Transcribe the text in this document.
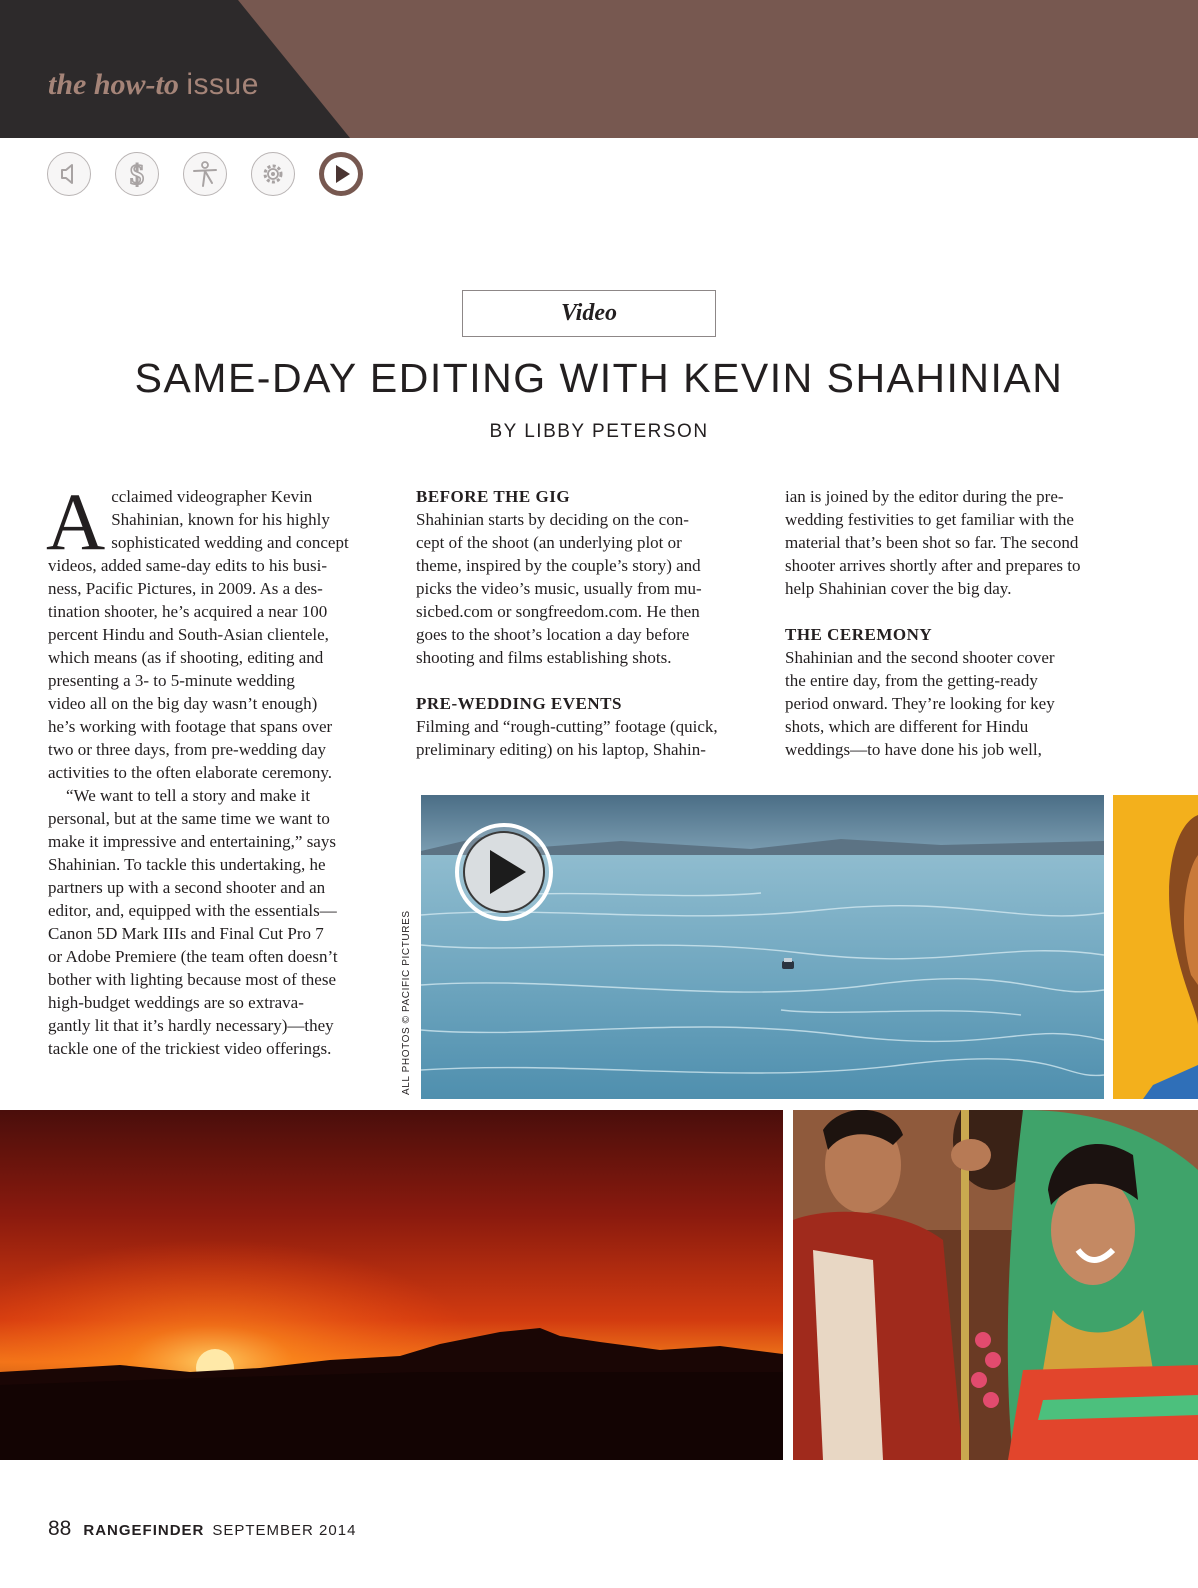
the how-to issue
$
Video
SAME-DAY EDITING WITH KEVIN SHAHINIAN
BY LIBBY PETERSON

A cclaimed videographer Kevin
Shahinian, known for his highly
sophisticated wedding and concept
videos, added same-day edits to his busi-
ness, Pacific Pictures, in 2009. As a des-
tination shooter, he’s acquired a near 100
percent Hindu and South-Asian clientele,
which means (as if shooting, editing and
presenting a 3- to 5-minute wedding
video all on the big day wasn’t enough)
he’s working with footage that spans over
two or three days, from pre-wedding day
activities to the often elaborate ceremony.

“We want to tell a story and make it
personal, but at the same time we want to
make it impressive and entertaining,” says
Shahinian. To tackle this undertaking, he
partners up with a second shooter and an
editor, and, equipped with the essentials—
Canon 5D Mark IIIs and Final Cut Pro 7
or Adobe Premiere (the team often doesn’t
bother with lighting because most of these
high-budget weddings are so extrava-
gantly lit that it’s hardly necessary)—they
tackle one of the trickiest video offerings.

BEFORE THE GIG

Shahinian starts by deciding on the con-
cept of the shoot (an underlying plot or
theme, inspired by the couple’s story) and
picks the video’s music, usually from mu-
sicbed.com or songfreedom.com. He then
goes to the shoot’s location a day before
shooting and films establishing shots.

PRE-WEDDING EVENTS

Filming and “rough-cutting” footage (quick,
preliminary editing) on his laptop, Shahin-

ian is joined by the editor during the pre-
wedding festivities to get familiar with the
material that’s been shot so far. The second
shooter arrives shortly after and prepares to
help Shahinian cover the big day.

THE CEREMONY

Shahinian and the second shooter cover
the entire day, from the getting-ready
period onward. They’re looking for key
shots, which are different for Hindu
weddings—to have done his job well,

ALL PHOTOS © PACIFIC PICTURES
88 RANGEFINDER SEPTEMBER 2014
